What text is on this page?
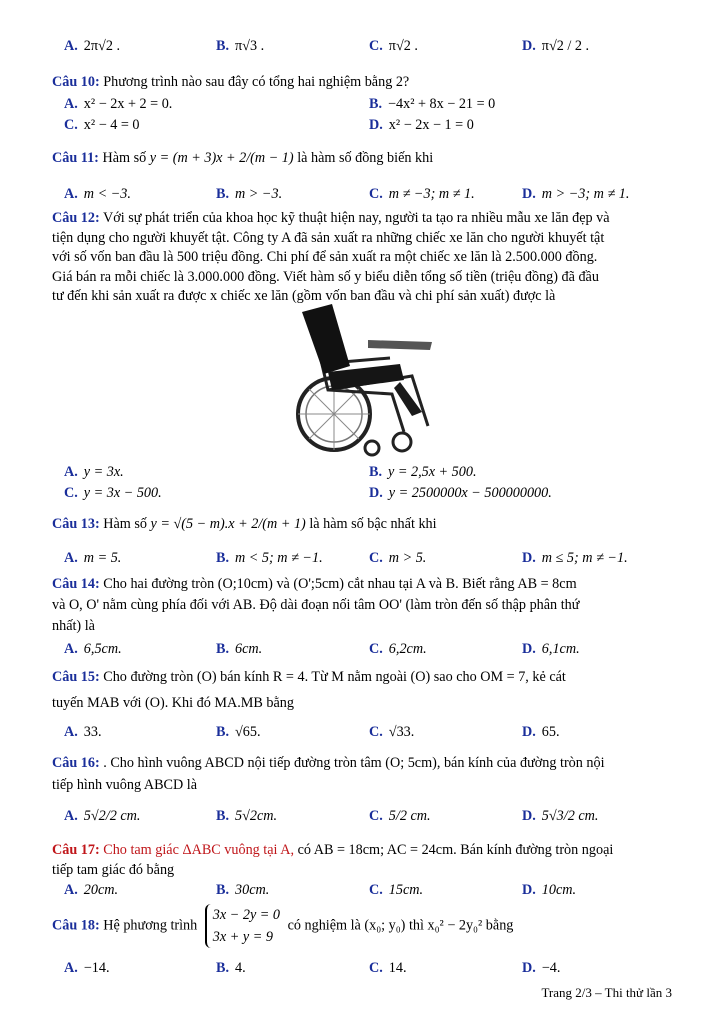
A. 2π√2 .	B. π√3 .	C. π√2 .	D. π√2 / 2 .
Câu 10: Phương trình nào sau đây có tổng hai nghiệm bằng 2?
A. x² − 2x + 2 = 0.	B. −4x² + 8x − 21 = 0
C. x² − 4 = 0	D. x² − 2x − 1 = 0
Câu 11: Hàm số y = (m + 3)x + 2/(m − 1) là hàm số đồng biến khi
A. m < −3.	B. m > −3.	C. m ≠ −3; m ≠ 1.	D. m > −3; m ≠ 1.
Câu 12: Với sự phát triển của khoa học kỹ thuật hiện nay, người ta tạo ra nhiều mẫu xe lăn đẹp và
tiện dụng cho người khuyết tật. Công ty A đã sản xuất ra những chiếc xe lăn cho người khuyết tật
với số vốn ban đầu là 500 triệu đồng. Chi phí để sản xuất ra một chiếc xe lăn là 2.500.000 đồng.
Giá bán ra mỗi chiếc là 3.000.000 đồng. Viết hàm số y biểu diễn tổng số tiền (triệu đồng) đã đầu
tư đến khi sản xuất ra được x chiếc xe lăn (gồm vốn ban đầu và chi phí sản xuất) được là
A. y = 3x.	B. y = 2,5x + 500.
C. y = 3x − 500.	D. y = 2500000x − 500000000.
Câu 13: Hàm số y = √(5 − m).x + 2/(m + 1) là hàm số bậc nhất khi
A. m = 5.	B. m < 5; m ≠ −1.	C. m > 5.	D. m ≤ 5; m ≠ −1.
Câu 14: Cho hai đường tròn (O;10cm) và (O';5cm) cắt nhau tại A và B. Biết rằng AB = 8cm
và O, O' nằm cùng phía đối với AB. Độ dài đoạn nối tâm OO' (làm tròn đến số thập phân thứ
nhất) là
A. 6,5cm.	B. 6cm.	C. 6,2cm.	D. 6,1cm.
Câu 15: Cho đường tròn (O) bán kính R = 4. Từ M nằm ngoài (O) sao cho OM = 7, kẻ cát
tuyến MAB với (O). Khi đó MA.MB bằng
A. 33.	B. √65.	C. √33.	D. 65.
Câu 16: . Cho hình vuông ABCD nội tiếp đường tròn tâm (O; 5cm), bán kính của đường tròn nội
tiếp hình vuông ABCD là
A. 5√2/2 cm.	B. 5√2cm.	C. 5/2 cm.	D. 5√3/2 cm.
Câu 17: Cho tam giác ΔABC vuông tại A, có AB = 18cm; AC = 24cm. Bán kính đường tròn ngoại
tiếp tam giác đó bằng
A. 20cm.	B. 30cm.	C. 15cm.	D. 10cm.
Câu 18: Hệ phương trình 3x − 2y = 0
3x + y = 9 có nghiệm là (x₀; y₀) thì x₀² − 2y₀² bằng
A. −14.	B. 4.	C. 14.	D. −4.
Trang 2/3 – Thi thử lần 3
